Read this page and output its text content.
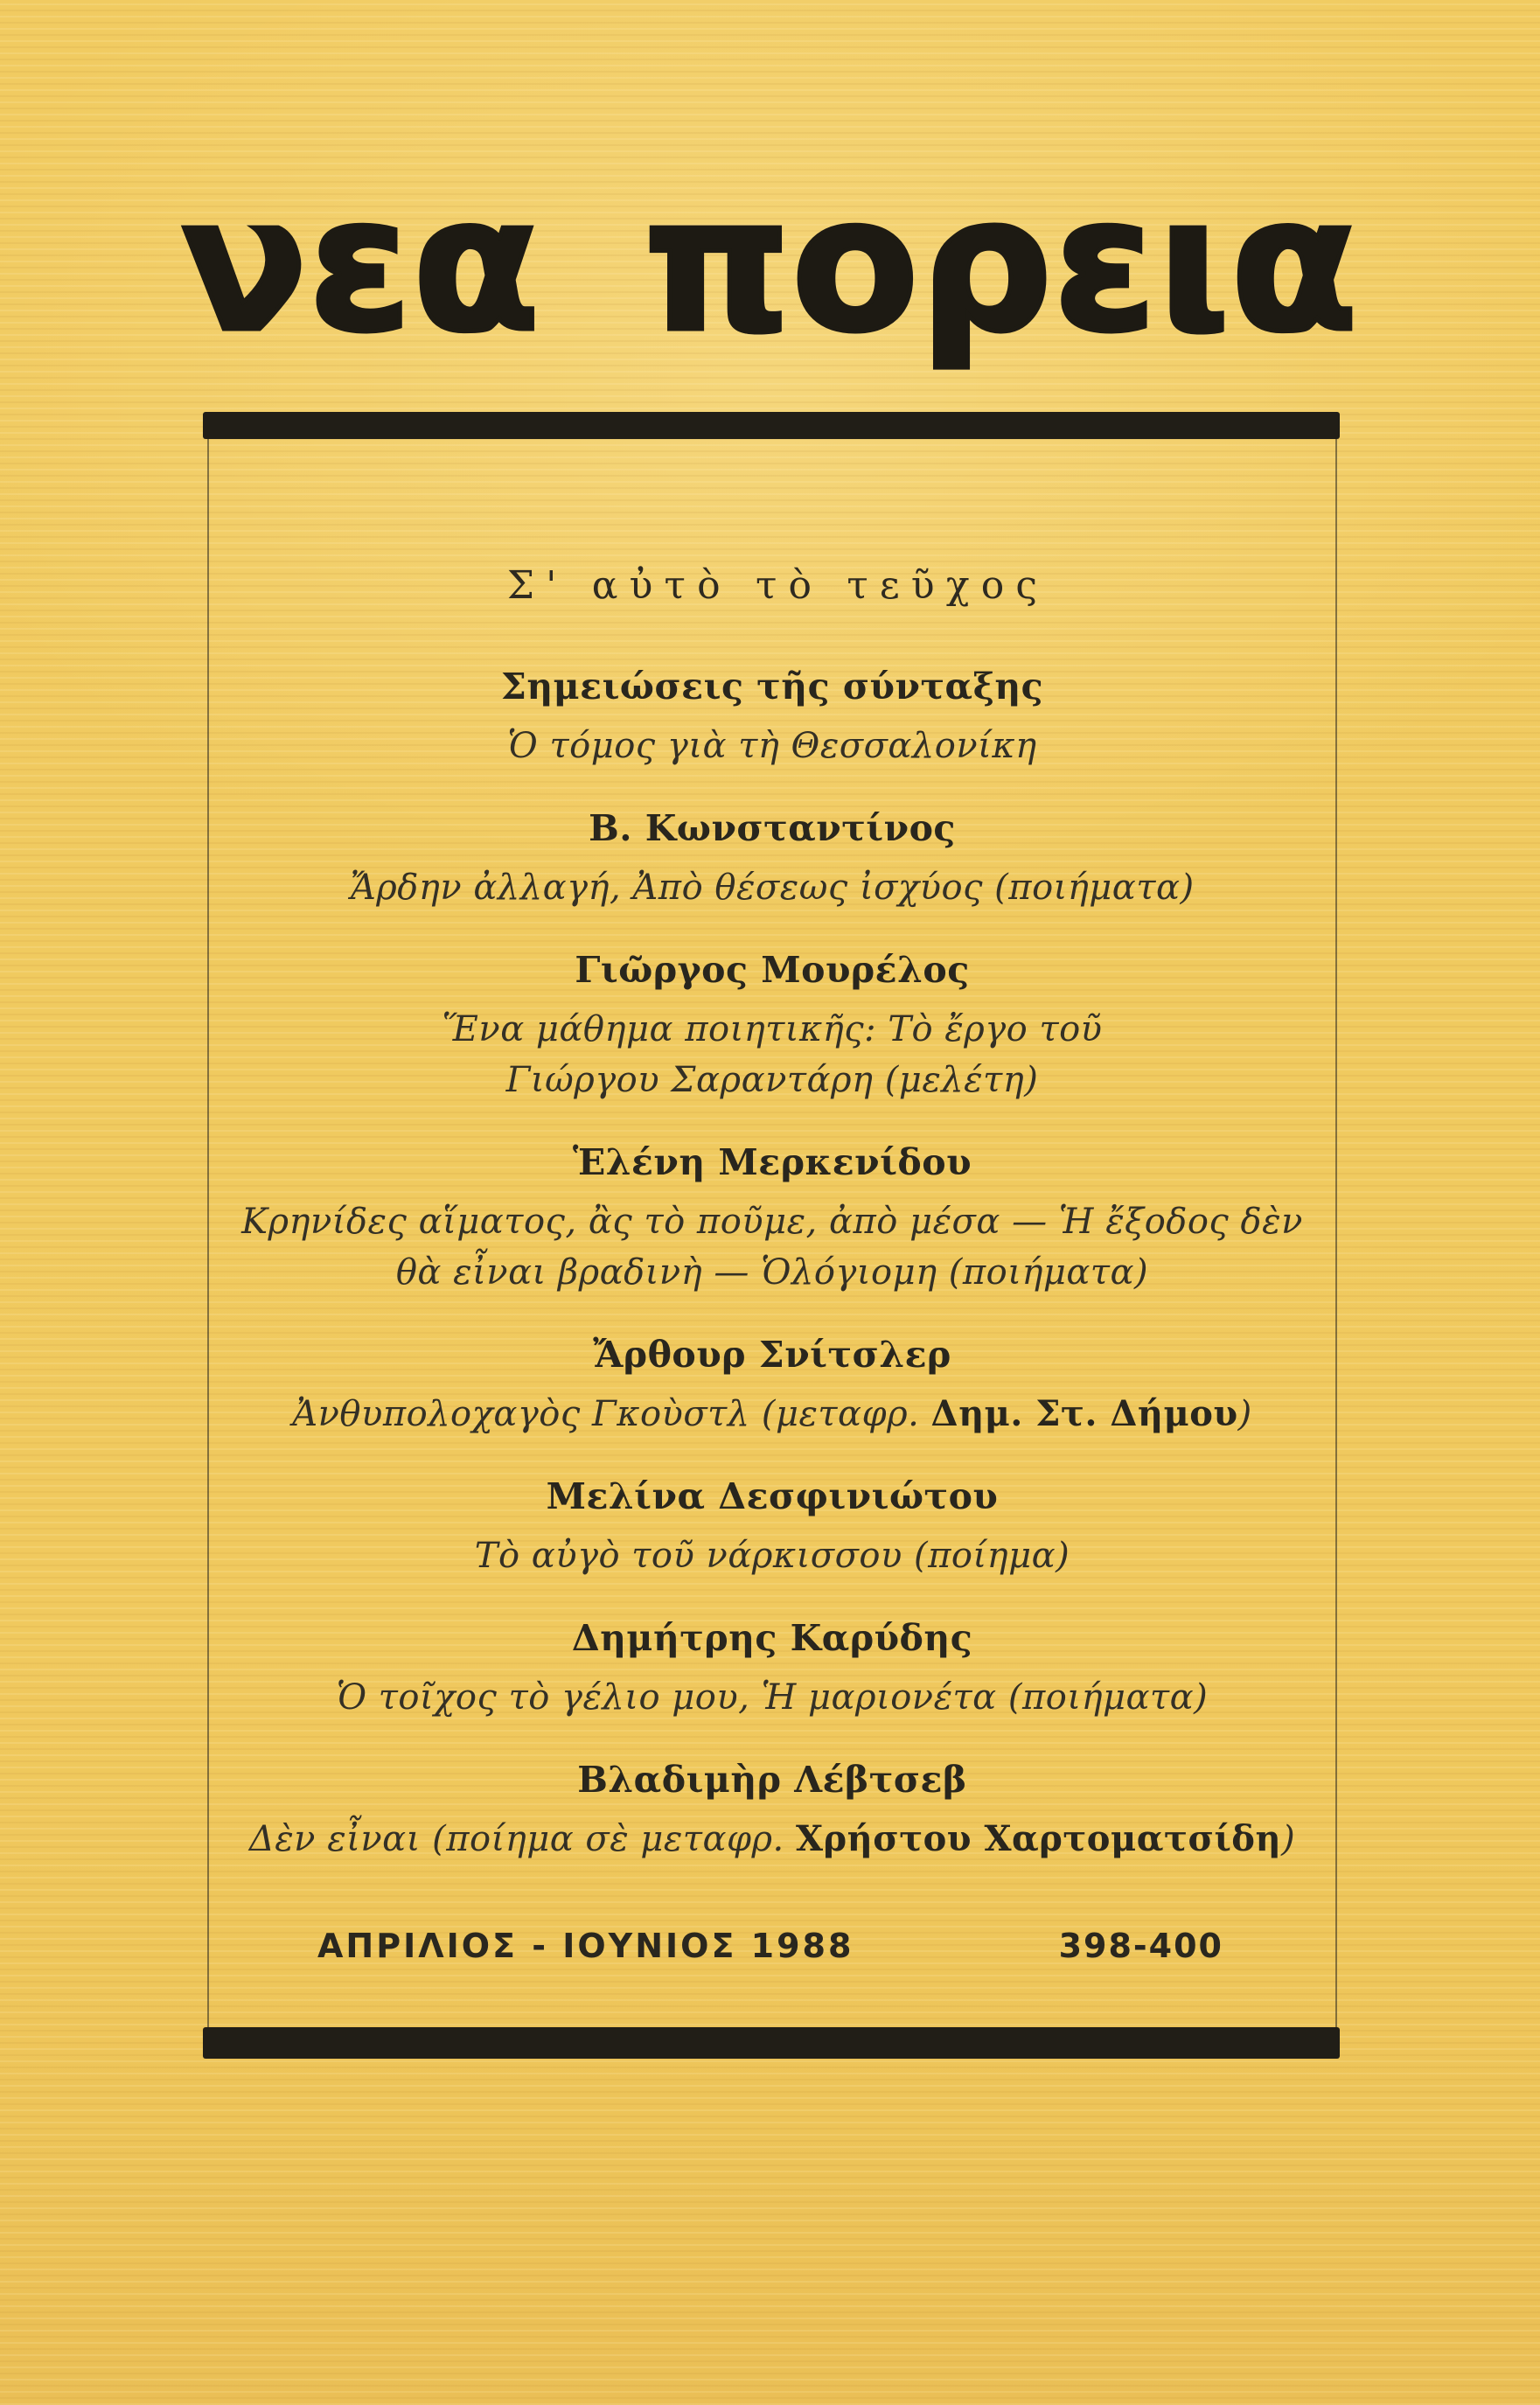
νεα πορεια
Σ' αὐτὸ τὸ τεῦχος
Σημειώσεις τῆς σύνταξης
Ὁ τόμος γιὰ τὴ Θεσσαλονίκη
Β. Κωνσταντίνος
Ἄρδην ἀλλαγή, Ἀπὸ θέσεως ἰσχύος (ποιήματα)
Γιῶργος Μουρέλος
Ἕνα μάθημα ποιητικῆς: Τὸ ἔργο τοῦ
Γιώργου Σαραντάρη (μελέτη)
Ἑλένη Μερκενίδου
Κρηνίδες αἵματος, ἂς τὸ ποῦμε, ἀπὸ μέσα — Ἡ ἔξοδος δὲν
θὰ εἶναι βραδινὴ — Ὁλόγιομη (ποιήματα)
Ἄρθουρ Σνίτσλερ
Ἀνθυπολοχαγὸς Γκοὺστλ (μεταφρ. Δημ. Στ. Δήμου)
Μελίνα Δεσφινιώτου
Τὸ αὐγὸ τοῦ νάρκισσου (ποίημα)
Δημήτρης Καρύδης
Ὁ τοῖχος τὸ γέλιο μου, Ἡ μαριονέτα (ποιήματα)
Βλαδιμὴρ Λέβτσεβ
Δὲν εἶναι (ποίημα σὲ μεταφρ. Χρήστου Χαρτοματσίδη)
ΑΠΡΙΛΙΟΣ - ΙΟΥΝΙΟΣ 1988	398-400
